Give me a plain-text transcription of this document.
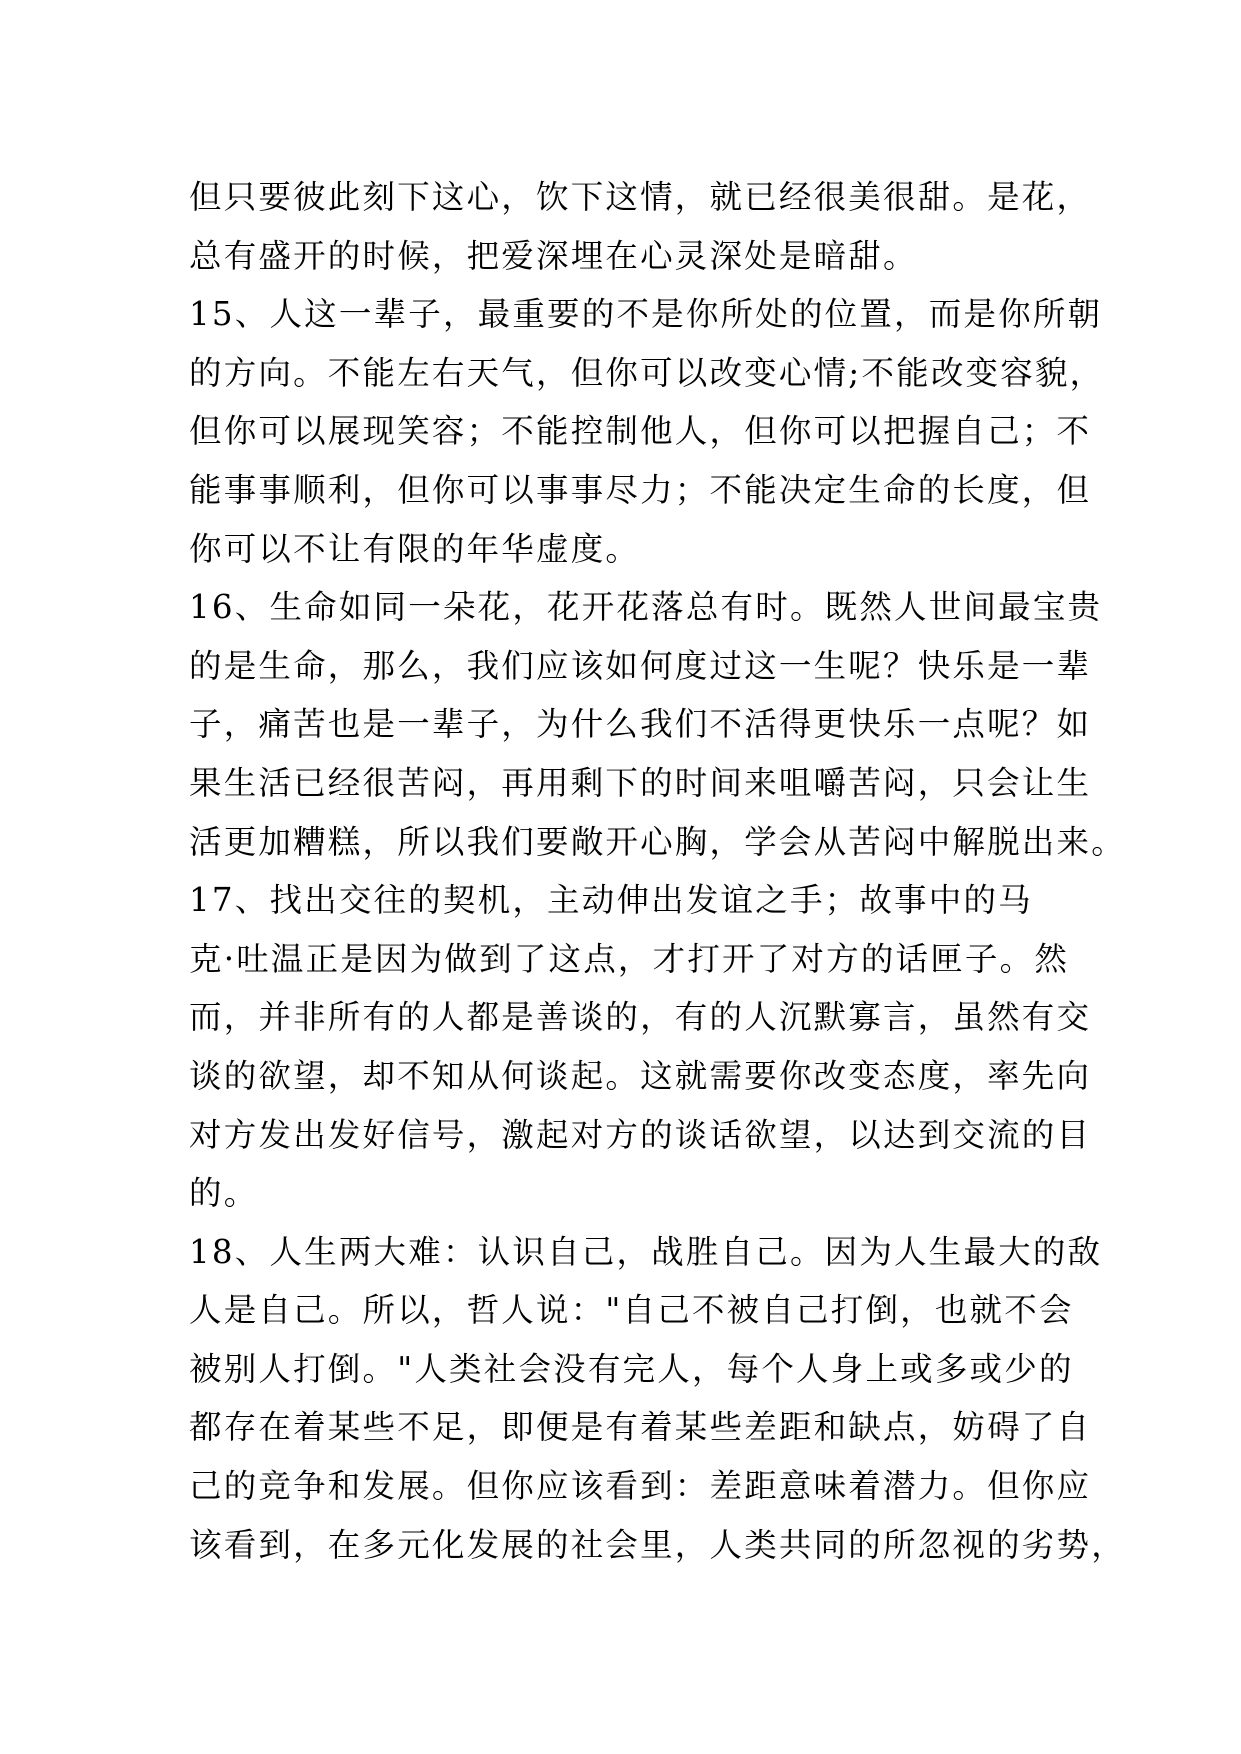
但只要彼此刻下这心，饮下这情，就已经很美很甜。是花，
总有盛开的时候，把爱深埋在心灵深处是暗甜。
15、人这一辈子，最重要的不是你所处的位置，而是你所朝
的方向。不能左右天气，但你可以改变心情;不能改变容貌，
但你可以展现笑容；不能控制他人，但你可以把握自己；不
能事事顺利，但你可以事事尽力；不能决定生命的长度，但
你可以不让有限的年华虚度。
16、生命如同一朵花，花开花落总有时。既然人世间最宝贵
的是生命，那么，我们应该如何度过这一生呢？快乐是一辈
子，痛苦也是一辈子，为什么我们不活得更快乐一点呢？如
果生活已经很苦闷，再用剩下的时间来咀嚼苦闷，只会让生
活更加糟糕，所以我们要敞开心胸，学会从苦闷中解脱出来。
17、找出交往的契机，主动伸出发谊之手；故事中的马
克·吐温正是因为做到了这点，才打开了对方的话匣子。然
而，并非所有的人都是善谈的，有的人沉默寡言，虽然有交
谈的欲望，却不知从何谈起。这就需要你改变态度，率先向
对方发出发好信号，激起对方的谈话欲望，以达到交流的目
的。
18、人生两大难：认识自己，战胜自己。因为人生最大的敌
人是自己。所以，哲人说："自己不被自己打倒，也就不会
被别人打倒。"人类社会没有完人，每个人身上或多或少的
都存在着某些不足，即便是有着某些差距和缺点，妨碍了自
己的竞争和发展。但你应该看到：差距意味着潜力。但你应
该看到，在多元化发展的社会里，人类共同的所忽视的劣势，
